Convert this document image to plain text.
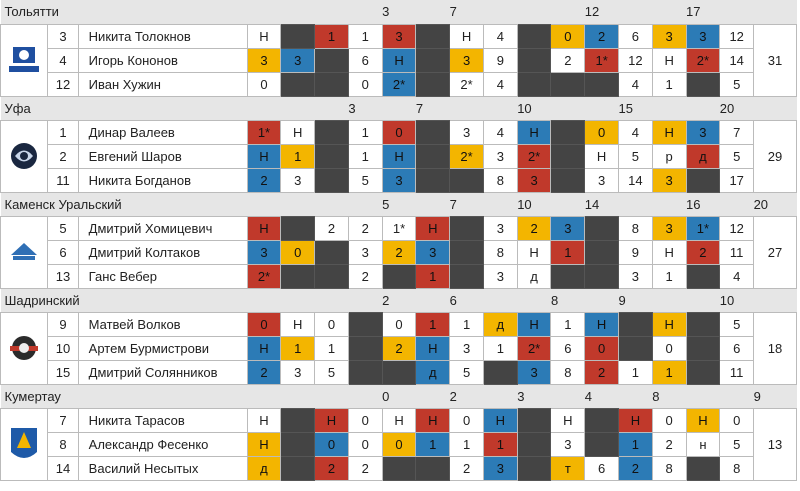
Тольятти							3		7				12			17		

	3	Никита Толокнов	Н		1	1	3		Н	4		0	2	6	3	3	12	31
	4	Игорь Кононов	3	3		6	Н		3	9		2	1*	12	Н	2*	14	
	12	Иван Хужин	0			0	2*		2*	4				4	1		5	
Уфа						3		7			10			15			20	

	1	Динар Валеев	1*	Н		1	0		3	4	Н		0	4	Н	3	7	29
	2	Евгений Шаров	Н	1		1	Н		2*	3	2*		Н	5	р	д	5	
	11	Никита Богданов	2	3		5	3			8	3		3	14	3		17	
Каменск Уральский							5		7		10		14			16		20

	5	Дмитрий Хомицевич	Н		2	2	1*	Н		3	2	3		8	3	1*	12	27
	6	Дмитрий Колтаков	3	0		3	2	3		8	Н	1		9	Н	2	11	
	13	Ганс Вебер	2*			2		1		3	д			3	1		4	
Шадринский							2		6			8		9			10	

	9	Матвей Волков	0	Н	0		0	1	1	д	Н	1	Н		Н		5	18
	10	Артем Бурмистрови	Н	1	1		2	Н	3	1	2*	6	0		0		6	
	15	Дмитрий Солянников	2	3	5			д	5		3	8	2	1	1		11	
Кумертау							0		2		3		4		8			9

	7	Никита Тарасов	Н		Н	0	Н	Н	0	Н		Н		Н	0	Н	0	13
	8	Александр Фесенко	Н		0	0	0	1	1	1		3		1	2	н	5	
	14	Василий Несытых	д		2	2			2	3		т	6	2	8		8	
